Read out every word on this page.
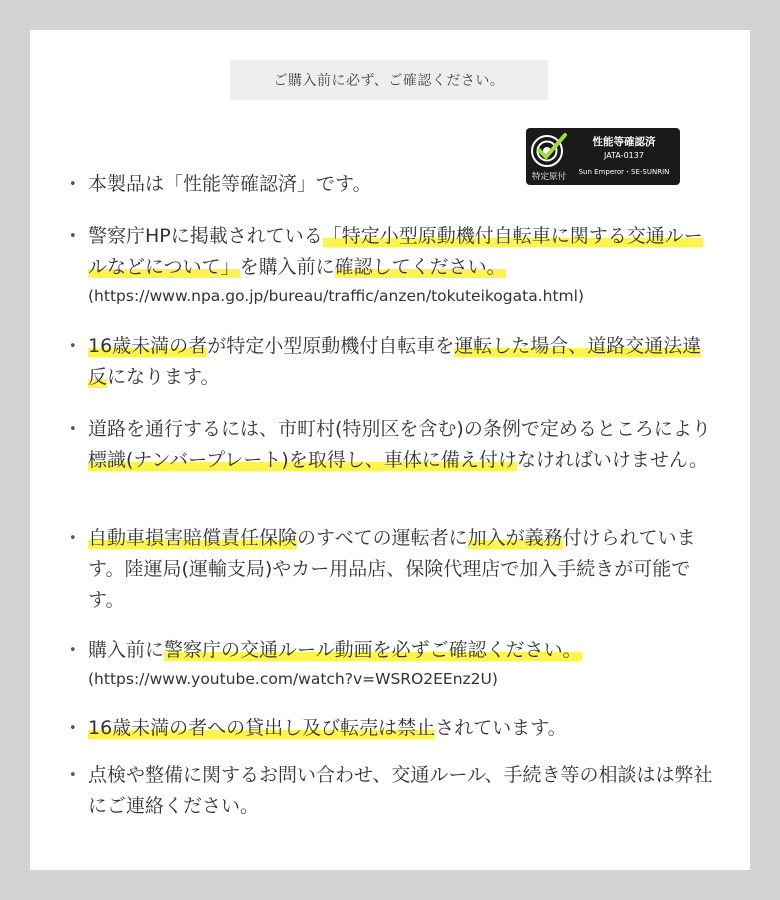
ご購入前に必ず、ご確認ください。
特定原付
性能等確認済
JATA-0137
Sun Emperor・SE-SUNRIN
• 本製品は「性能等確認済」です。
• 警察庁HPに掲載されている「特定小型原動機付自転車に関する交通ルールなどについて」を購入前に確認してください。
(https://www.npa.go.jp/bureau/traffic/anzen/tokuteikogata.html)
• 16歳未満の者が特定小型原動機付自転車を運転した場合、道路交通法違反になります。
• 道路を通行するには、市町村(特別区を含む)の条例で定めるところにより標識(ナンバープレート)を取得し、車体に備え付けなければいけません。
• 自動車損害賠償責任保険のすべての運転者に加入が義務付けられています。陸運局(運輸支局)やカー用品店、保険代理店で加入手続きが可能です。
• 購入前に警察庁の交通ルール動画を必ずご確認ください。
(https://www.youtube.com/watch?v=WSRO2EEnz2U)
• 16歳未満の者への貸出し及び転売は禁止されています。
• 点検や整備に関するお問い合わせ、交通ルール、手続き等の相談はは弊社にご連絡ください。
